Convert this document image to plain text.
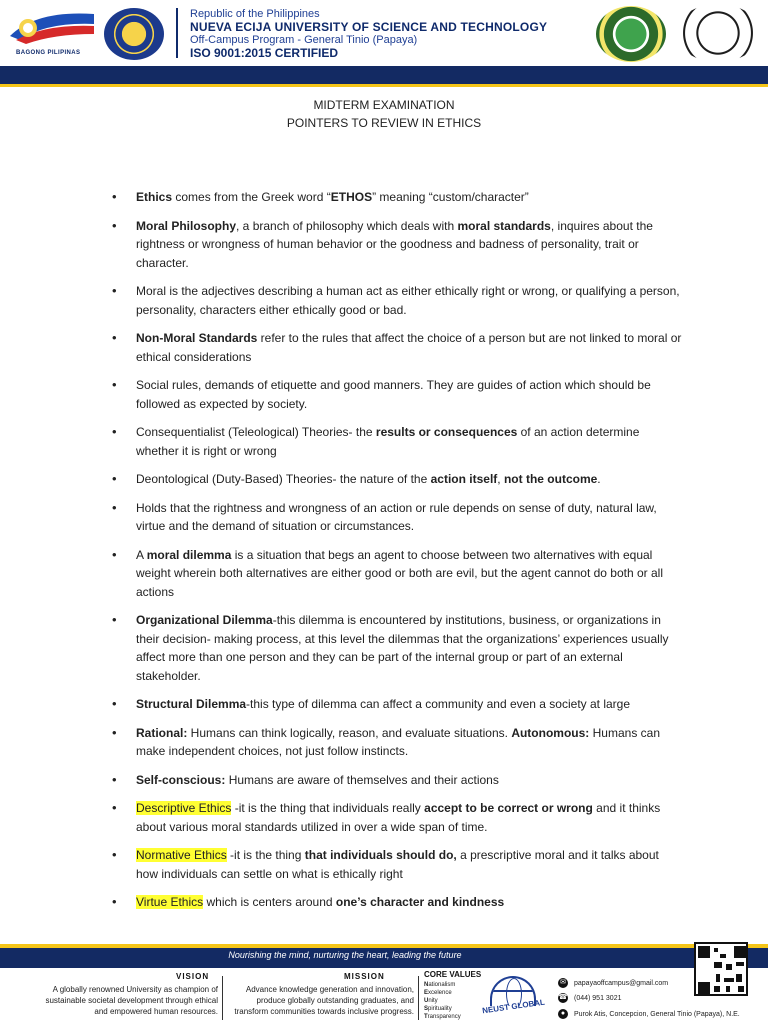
BAGONG PILIPINAS
Republic of the Philippines
NUEVA ECIJA UNIVERSITY OF SCIENCE AND TECHNOLOGY
Off-Campus Program - General Tinio (Papaya)
ISO 9001:2015 CERTIFIED
MIDTERM EXAMINATION
POINTERS TO REVIEW IN ETHICS
• Ethics comes from the Greek word “ETHOS” meaning “custom/character”
• Moral Philosophy, a branch of philosophy which deals with moral standards, inquires about the rightness or wrongness of human behavior or the goodness and badness of personality, trait or character.
• Moral is the adjectives describing a human act as either ethically right or wrong, or qualifying a person, personality, characters either ethically good or bad.
• Non-Moral Standards refer to the rules that affect the choice of a person but are not linked to moral or ethical considerations
• Social rules, demands of etiquette and good manners. They are guides of action which should be followed as expected by society.
• Consequentialist (Teleological) Theories- the results or consequences of an action determine whether it is right or wrong
• Deontological (Duty-Based) Theories- the nature of the action itself, not the outcome.
• Holds that the rightness and wrongness of an action or rule depends on sense of duty, natural law, virtue and the demand of situation or circumstances.
• A moral dilemma is a situation that begs an agent to choose between two alternatives with equal weight wherein both alternatives are either good or both are evil, but the agent cannot do both or all actions
• Organizational Dilemma-this dilemma is encountered by institutions, business, or organizations in their decision- making process, at this level the dilemmas that the organizations’ experiences usually affect more than one person and they can be part of the internal group or part of an external stakeholder.
• Structural Dilemma-this type of dilemma can affect a community and even a society at large
• Rational: Humans can think logically, reason, and evaluate situations. Autonomous: Humans can make independent choices, not just follow instincts.
• Self-conscious: Humans are aware of themselves and their actions
• Descriptive Ethics -it is the thing that individuals really accept to be correct or wrong and it thinks about various moral standards utilized in over a wide span of time.
• Normative Ethics -it is the thing that individuals should do, a prescriptive moral and it talks about how individuals can settle on what is ethically right
• Virtue Ethics which is centers around one’s character and kindness
Nourishing the mind, nurturing the heart, leading the future
VISION
A globally renowned University as champion of sustainable societal development through ethical and empowered human resources.
MISSION
Advance knowledge generation and innovation, produce globally outstanding graduates, and transform communities towards inclusive progress.
CORE VALUES
Nationalism
Excelence
Unity
Spirituality
Transparency
NEUST GLOBAL
✉ papayaoffcampus@gmail.com
☎ (044) 951 3021
●	Purok Atis, Concepcion, General Tinio (Papaya), N.E.
